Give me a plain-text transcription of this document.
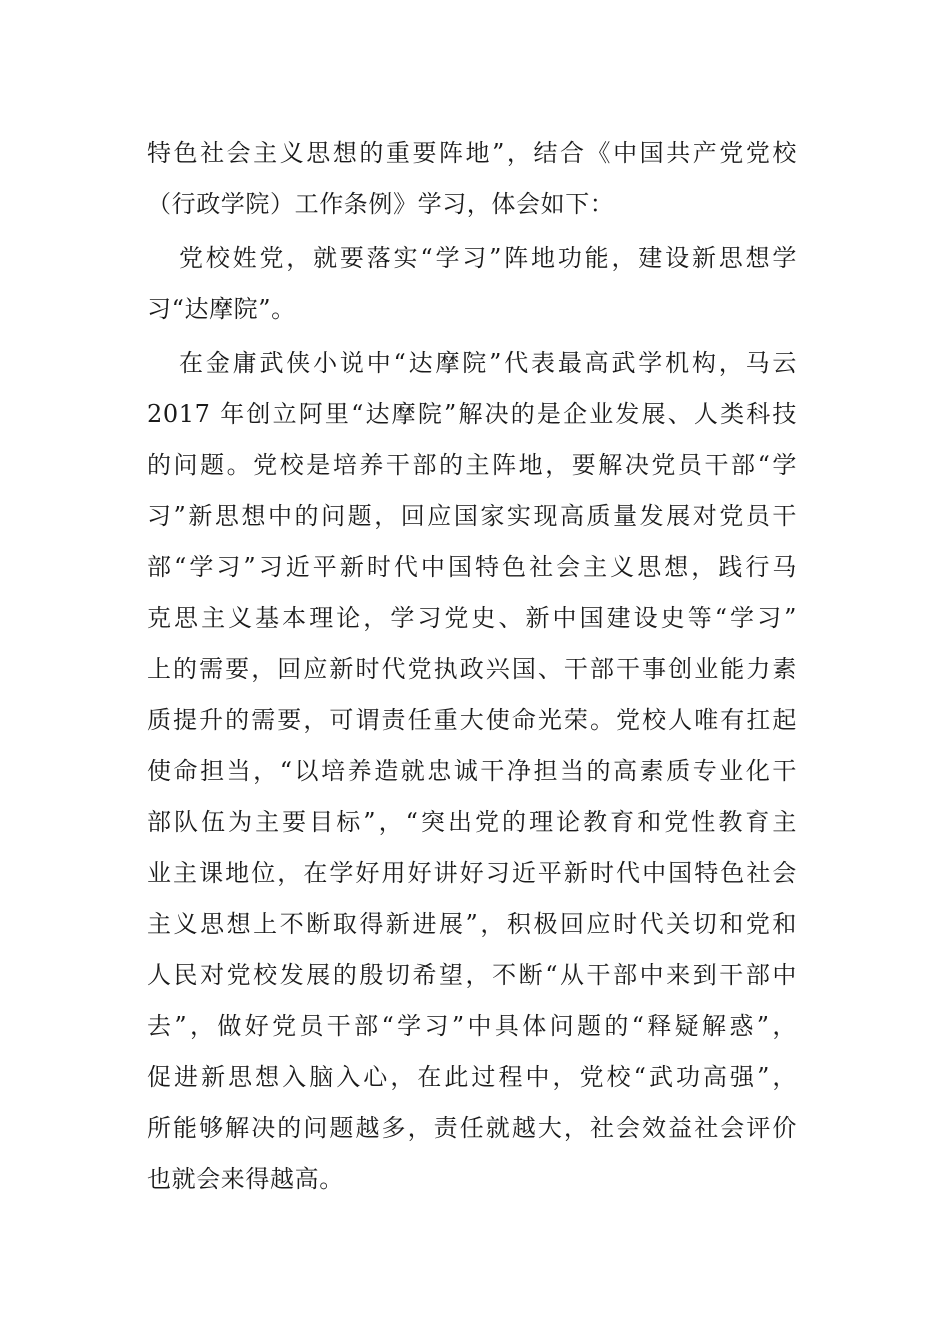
特色社会主义思想的重要阵地”，结合《中国共产党党校
（行政学院）工作条例》学习，体会如下：
党校姓党，就要落实“学习”阵地功能，建设新思想学
习“达摩院”。
在金庸武侠小说中“达摩院”代表最高武学机构，马云
2017 年创立阿里“达摩院”解决的是企业发展、人类科技
的问题。党校是培养干部的主阵地，要解决党员干部“学
习”新思想中的问题，回应国家实现高质量发展对党员干
部“学习”习近平新时代中国特色社会主义思想，践行马
克思主义基本理论，学习党史、新中国建设史等“学习”
上的需要，回应新时代党执政兴国、干部干事创业能力素
质提升的需要，可谓责任重大使命光荣。党校人唯有扛起
使命担当，“以培养造就忠诚干净担当的高素质专业化干
部队伍为主要目标”，“突出党的理论教育和党性教育主
业主课地位，在学好用好讲好习近平新时代中国特色社会
主义思想上不断取得新进展”，积极回应时代关切和党和
人民对党校发展的殷切希望，不断“从干部中来到干部中
去”，做好党员干部“学习”中具体问题的“释疑解惑”，
促进新思想入脑入心，在此过程中，党校“武功高强”，
所能够解决的问题越多，责任就越大，社会效益社会评价
也就会来得越高。
